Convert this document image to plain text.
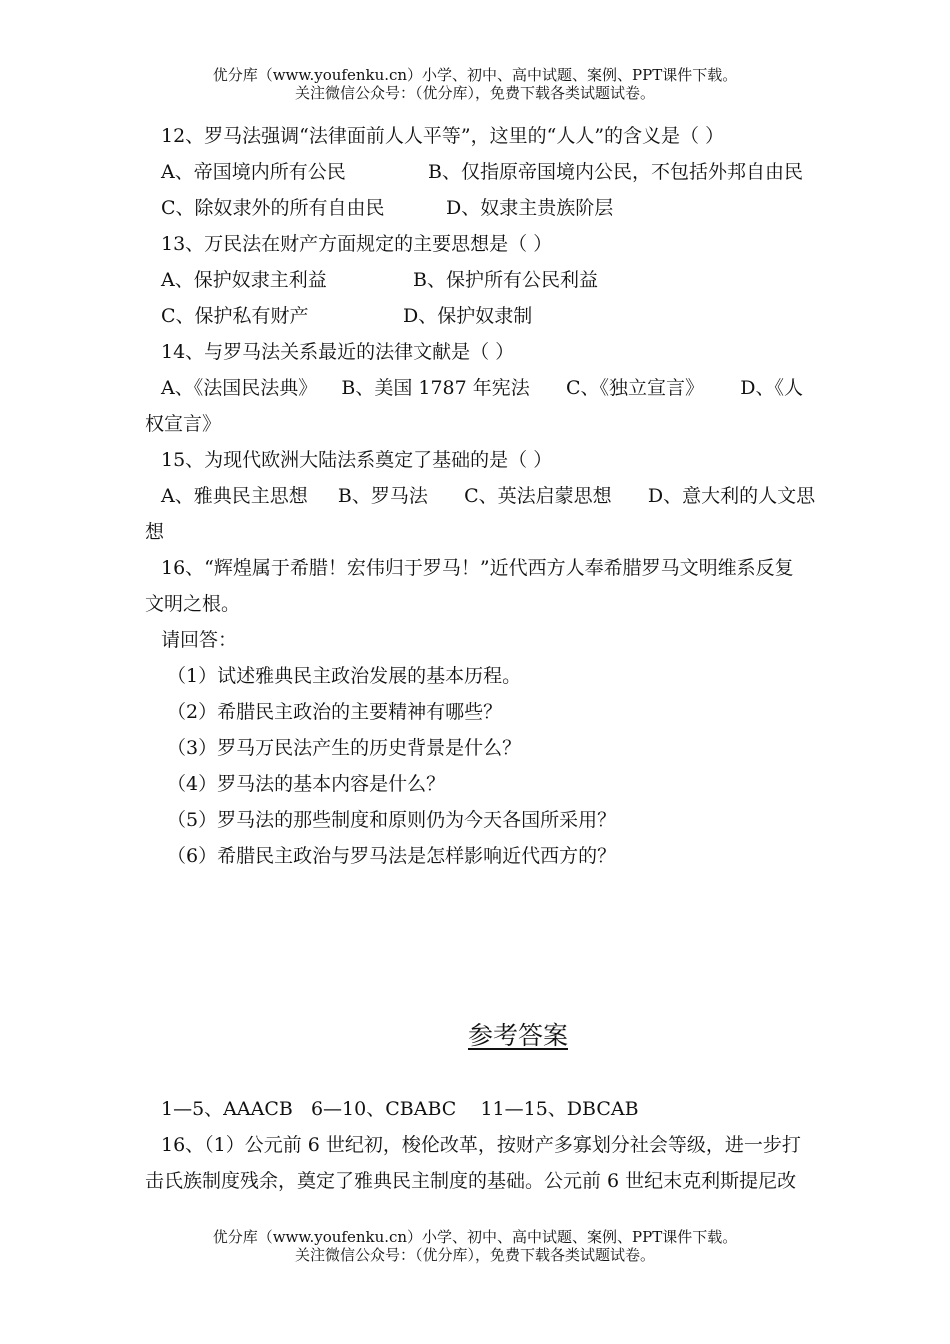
优分库（www.youfenku.cn）小学、初中、高中试题、案例、PPT课件下载。
关注微信公众号：（优分库），免费下载各类试题试卷。
12、罗马法强调“法律面前人人平等”，这里的“人人”的含义是（ ）
A、帝国境内所有公民	B、仅指原帝国境内公民，不包括外邦自由民
C、除奴隶外的所有自由民	D、奴隶主贵族阶层
13、万民法在财产方面规定的主要思想是（ ）
A、保护奴隶主利益	B、保护所有公民利益
C、保护私有财产	D、保护奴隶制
14、与罗马法关系最近的法律文献是（ ）
A、《法国民法典》    B、美国 1787 年宪法      C、《独立宣言》      D、《人
权宣言》
15、为现代欧洲大陆法系奠定了基础的是（ ）
A、雅典民主思想     B、罗马法      C、英法启蒙思想      D、意大利的人文思
想
16、“辉煌属于希腊！宏伟归于罗马！”近代西方人奉希腊罗马文明维系反复
文明之根。
请回答：
（1）试述雅典民主政治发展的基本历程。
（2）希腊民主政治的主要精神有哪些？
（3）罗马万民法产生的历史背景是什么？
（4）罗马法的基本内容是什么？
（5）罗马法的那些制度和原则仍为今天各国所采用？
（6）希腊民主政治与罗马法是怎样影响近代西方的？
参考答案
1—5、AAACB   6—10、CBABC    11—15、DBCAB
16、（1）公元前 6 世纪初，梭伦改革，按财产多寡划分社会等级，进一步打
击氏族制度残余，奠定了雅典民主制度的基础。公元前 6 世纪末克利斯提尼改
优分库（www.youfenku.cn）小学、初中、高中试题、案例、PPT课件下载。
关注微信公众号：（优分库），免费下载各类试题试卷。
